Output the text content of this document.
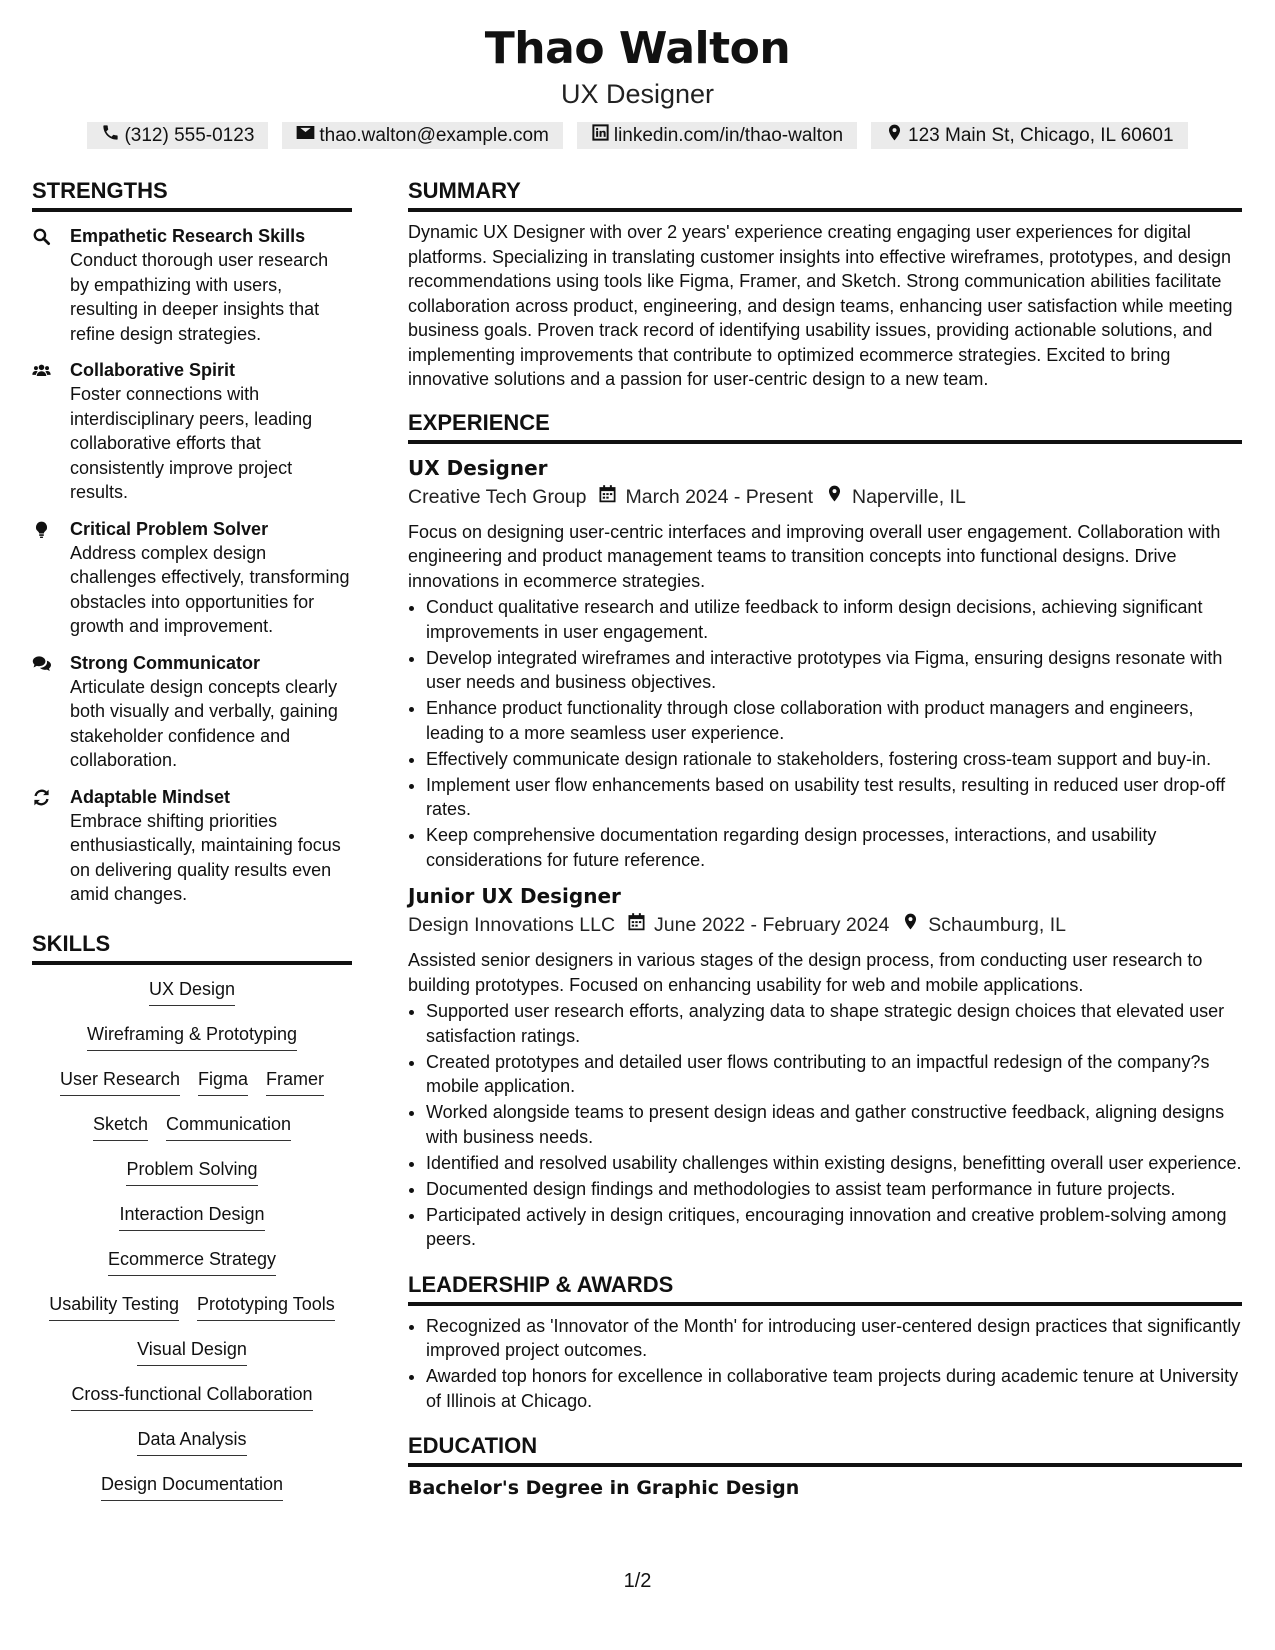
Thao Walton
UX Designer
(312) 555-0123	thao.walton@example.com	linkedin.com/in/thao-walton	123 Main St, Chicago, IL 60601
STRENGTHS
Empathetic Research Skills
Conduct thorough user research by empathizing with users, resulting in deeper insights that refine design strategies.
Collaborative Spirit
Foster connections with interdisciplinary peers, leading collaborative efforts that consistently improve project results.
Critical Problem Solver
Address complex design challenges effectively, transforming obstacles into opportunities for growth and improvement.
Strong Communicator
Articulate design concepts clearly both visually and verbally, gaining stakeholder confidence and collaboration.
Adaptable Mindset
Embrace shifting priorities enthusiastically, maintaining focus on delivering quality results even amid changes.
SKILLS
UX Design
Wireframing & Prototyping
User Research Figma Framer
Sketch Communication
Problem Solving
Interaction Design
Ecommerce Strategy
Usability Testing Prototyping Tools
Visual Design
Cross-functional Collaboration
Data Analysis
Design Documentation
SUMMARY
Dynamic UX Designer with over 2 years' experience creating engaging user experiences for digital platforms. Specializing in translating customer insights into effective wireframes, prototypes, and design recommendations using tools like Figma, Framer, and Sketch. Strong communication abilities facilitate collaboration across product, engineering, and design teams, enhancing user satisfaction while meeting business goals. Proven track record of identifying usability issues, providing actionable solutions, and implementing improvements that contribute to optimized ecommerce strategies. Excited to bring innovative solutions and a passion for user-centric design to a new team.
EXPERIENCE
UX Designer
Creative Tech Group March 2024 - Present Naperville, IL
Focus on designing user-centric interfaces and improving overall user engagement. Collaboration with engineering and product management teams to transition concepts into functional designs. Drive innovations in ecommerce strategies.
• Conduct qualitative research and utilize feedback to inform design decisions, achieving significant improvements in user engagement.
• Develop integrated wireframes and interactive prototypes via Figma, ensuring designs resonate with user needs and business objectives.
• Enhance product functionality through close collaboration with product managers and engineers, leading to a more seamless user experience.
• Effectively communicate design rationale to stakeholders, fostering cross-team support and buy-in.
• Implement user flow enhancements based on usability test results, resulting in reduced user drop-off rates.
• Keep comprehensive documentation regarding design processes, interactions, and usability considerations for future reference.
Junior UX Designer
Design Innovations LLC June 2022 - February 2024 Schaumburg, IL
Assisted senior designers in various stages of the design process, from conducting user research to building prototypes. Focused on enhancing usability for web and mobile applications.
• Supported user research efforts, analyzing data to shape strategic design choices that elevated user satisfaction ratings.
• Created prototypes and detailed user flows contributing to an impactful redesign of the company?s mobile application.
• Worked alongside teams to present design ideas and gather constructive feedback, aligning designs with business needs.
• Identified and resolved usability challenges within existing designs, benefitting overall user experience.
• Documented design findings and methodologies to assist team performance in future projects.
• Participated actively in design critiques, encouraging innovation and creative problem-solving among peers.
LEADERSHIP & AWARDS
• Recognized as 'Innovator of the Month' for introducing user-centered design practices that significantly improved project outcomes.
• Awarded top honors for excellence in collaborative team projects during academic tenure at University of Illinois at Chicago.
EDUCATION
Bachelor's Degree in Graphic Design
1/2
